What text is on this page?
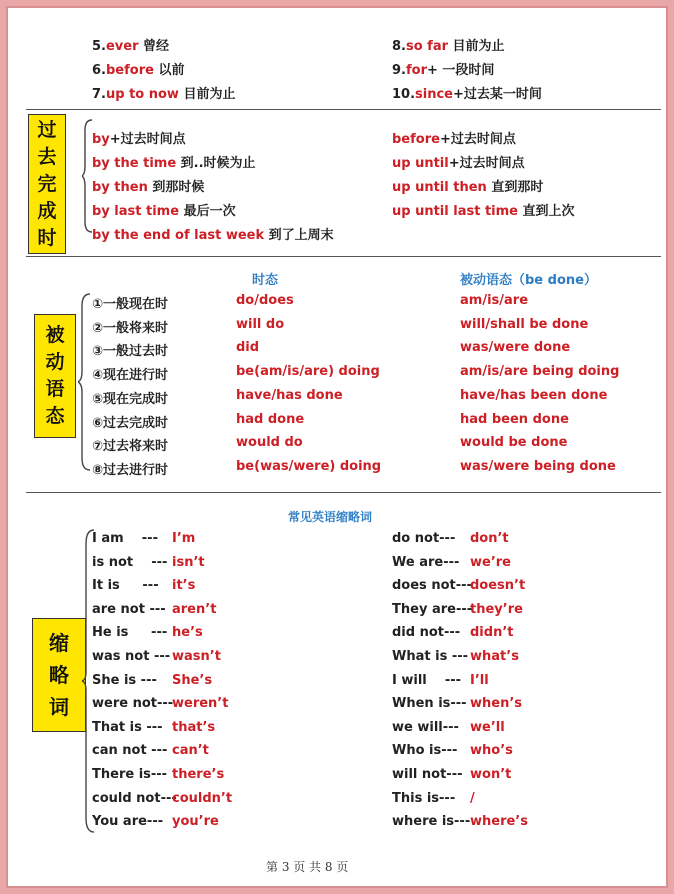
5.ever 曾经
6.before 以前
7.up to now 目前为止
8.so far 目前为止
9.for+ 一段时间
10.since+过去某一时间
过
去
完
成
时
by+过去时间点
by the time 到..时候为止
by then 到那时候
by last time 最后一次
by the end of last week 到了上周末
before+过去时间点
up until+过去时间点
up until then 直到那时
up until last time 直到上次
时态	被动语态（be done）
被
动
语
态
①一般现在时	do/does	am/is/are
②一般将来时	will do	will/shall be done
③一般过去时	did	was/were done
④现在进行时	be(am/is/are) doing	am/is/are being doing
⑤现在完成时	have/has done	have/has been done
⑥过去完成时	had done	had been done
⑦过去将来时	would do	would be done
⑧过去进行时	be(was/were) doing	was/were being done
常见英语缩略词
缩
略
词
I am    --- I’m
is not    --- isn’t
It is     --- it’s
are not --- aren’t
He is     --- he’s
was not --- wasn’t
She is --- She’s
were not---
weren’t
That is --- that’s
can not --- can’t
There is--- there’s
could not---
couldn’t
You are--- you’re
do not--- don’t
We are--- we’re
does not---
doesn’t
They are---
they’re
did not--- didn’t
What is --- what’s
I will    --- I’ll
When is--- when’s
we will--- we’ll
Who is--- who’s
will not--- won’t
This is--- /
where is--- where’s
第 3 页 共 8 页
